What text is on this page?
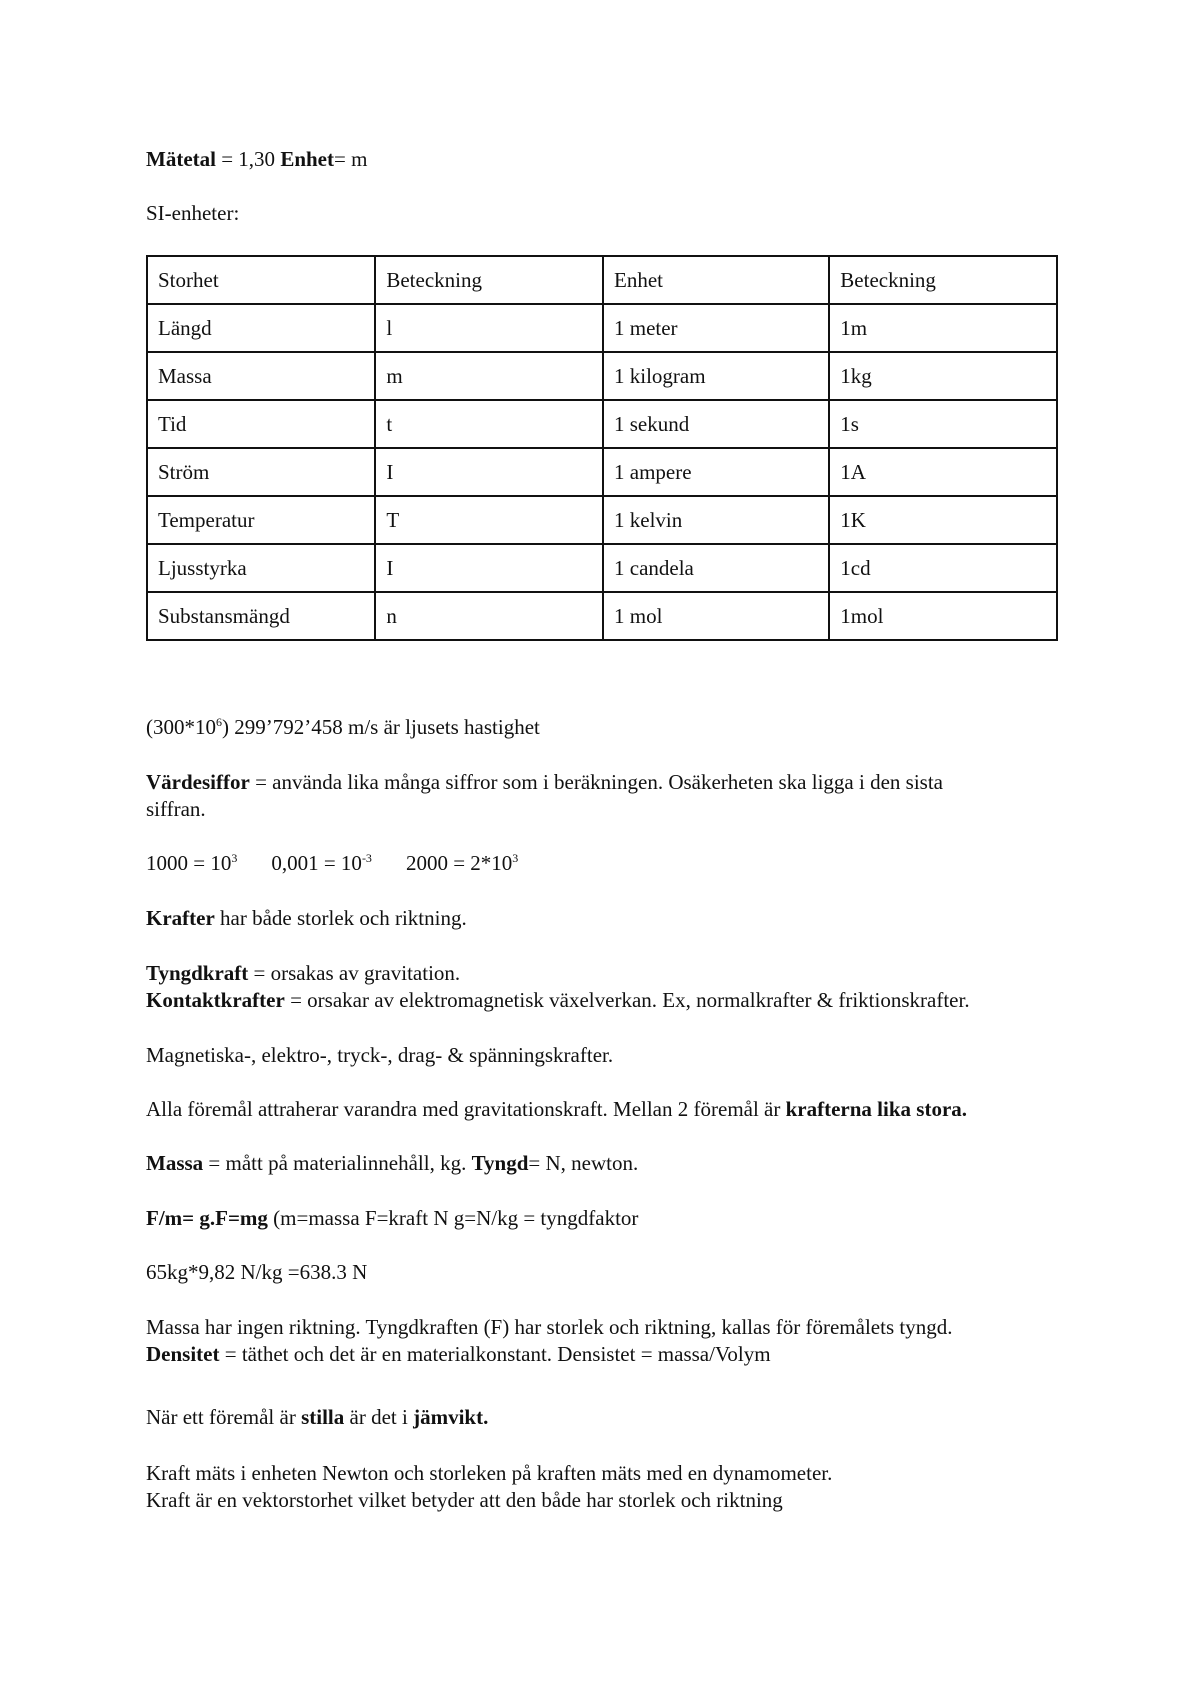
Mätetal = 1,30 Enhet= m
SI-enheter:
Storhet	Beteckning	Enhet	Beteckning
Längd	l	1 meter	1m
Massa	m	1 kilogram	1kg
Tid	t	1 sekund	1s
Ström	I	1 ampere	1A
Temperatur	T	1 kelvin	1K
Ljusstyrka	I	1 candela	1cd
Substansmängd	n	1 mol	1mol
$(300*10^6)$ 299’792’458 m/s är ljusets hastighet
Värdesiffor = använda lika många siffror som i beräkningen. Osäkerheten ska ligga i den sista
siffran.
$1000 = 10^3$ $0,001 = 10^{-3}$ $2000 = 2*10^3$
Krafter har både storlek och riktning.
Tyngdkraft = orsakas av gravitation.
Kontaktkrafter = orsakar av elektromagnetisk växelverkan. Ex, normalkrafter & friktionskrafter.
Magnetiska-, elektro-, tryck-, drag- & spänningskrafter.
Alla föremål attraherar varandra med gravitationskraft. Mellan 2 föremål är krafterna lika stora.
Massa = mått på materialinnehåll, kg. Tyngd= N, newton.
F/m= g.F=mg (m=massa F=kraft N g=N/kg = tyngdfaktor
65kg*9,82 N/kg =638.3 N
Massa har ingen riktning. Tyngdkraften (F) har storlek och riktning, kallas för föremålets tyngd.
Densitet = täthet och det är en materialkonstant. Densistet = massa/Volym
När ett föremål är stilla är det i jämvikt.
Kraft mäts i enheten Newton och storleken på kraften mäts med en dynamometer.
Kraft är en vektorstorhet vilket betyder att den både har storlek och riktning
